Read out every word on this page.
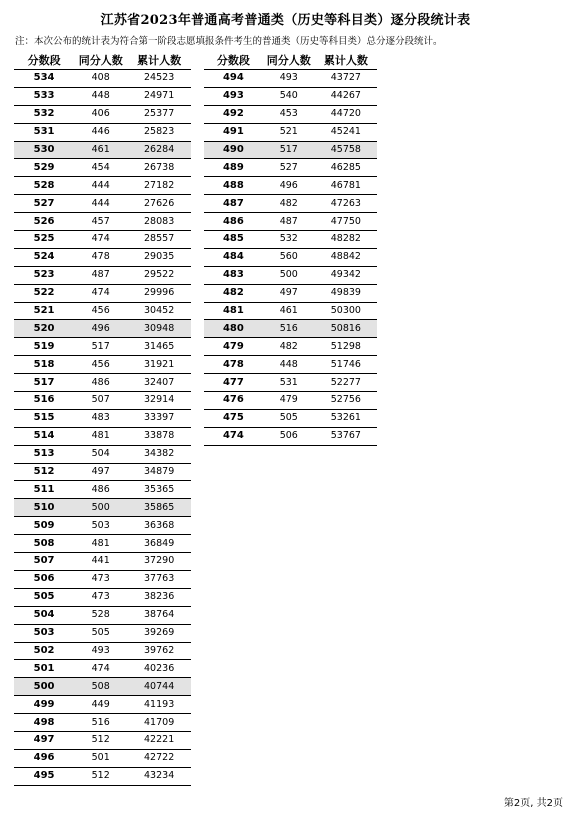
江苏省2023年普通高考普通类（历史等科目类）逐分段统计表
注：本次公布的统计表为符合第一阶段志愿填报条件考生的普通类（历史等科目类）总分逐分段统计。
分数段	同分人数	累计人数
534	408	24523
533	448	24971
532	406	25377
531	446	25823
530	461	26284
529	454	26738
528	444	27182
527	444	27626
526	457	28083
525	474	28557
524	478	29035
523	487	29522
522	474	29996
521	456	30452
520	496	30948
519	517	31465
518	456	31921
517	486	32407
516	507	32914
515	483	33397
514	481	33878
513	504	34382
512	497	34879
511	486	35365
510	500	35865
509	503	36368
508	481	36849
507	441	37290
506	473	37763
505	473	38236
504	528	38764
503	505	39269
502	493	39762
501	474	40236
500	508	40744
499	449	41193
498	516	41709
497	512	42221
496	501	42722
495	512	43234
分数段	同分人数	累计人数
494	493	43727
493	540	44267
492	453	44720
491	521	45241
490	517	45758
489	527	46285
488	496	46781
487	482	47263
486	487	47750
485	532	48282
484	560	48842
483	500	49342
482	497	49839
481	461	50300
480	516	50816
479	482	51298
478	448	51746
477	531	52277
476	479	52756
475	505	53261
474	506	53767
第2页, 共2页
